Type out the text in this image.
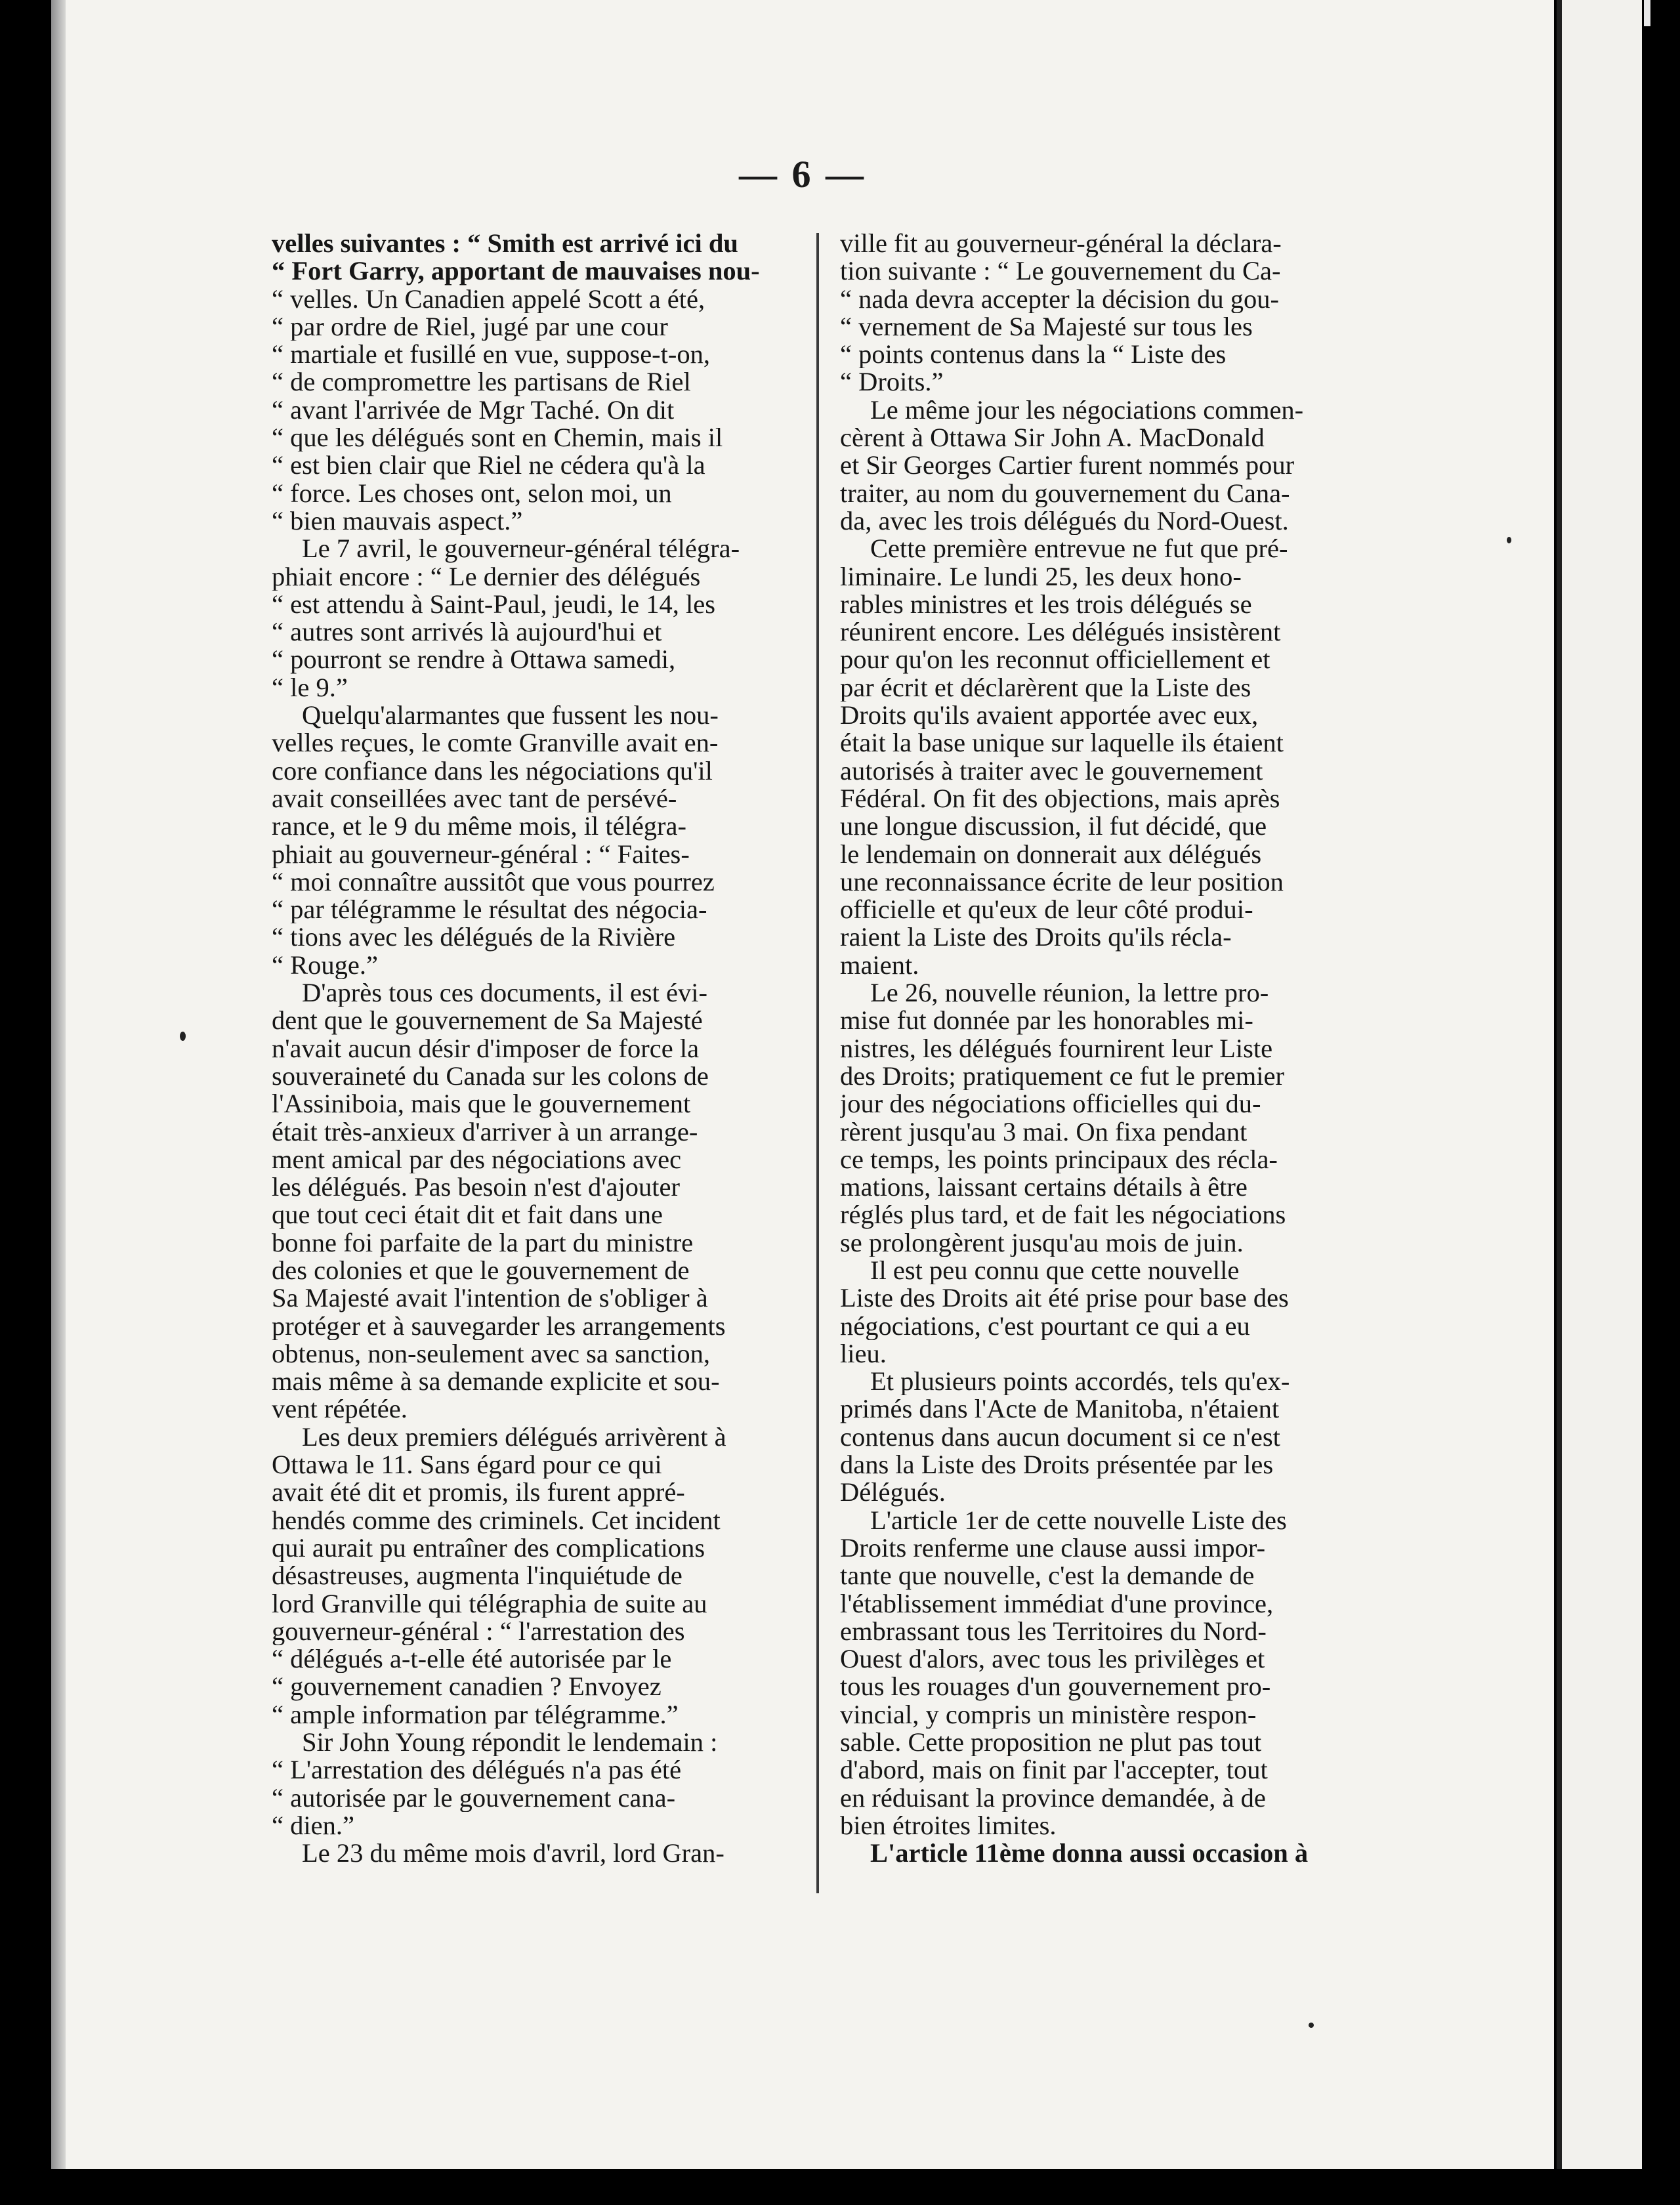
— 6 —
velles suivantes : “ Smith est arrivé ici du
“ Fort Garry, apportant de mauvaises nou-
“ velles. Un Canadien appelé Scott a été,
“ par ordre de Riel, jugé par une cour
“ martiale et fusillé en vue, suppose-t-on,
“ de compromettre les partisans de Riel
“ avant l'arrivée de Mgr Taché. On dit
“ que les délégués sont en Chemin, mais il
“ est bien clair que Riel ne cédera qu'à la
“ force. Les choses ont, selon moi, un
“ bien mauvais aspect.”
Le 7 avril, le gouverneur-général télégra-
phiait encore : “ Le dernier des délégués
“ est attendu à Saint-Paul, jeudi, le 14, les
“ autres sont arrivés là aujourd'hui et
“ pourront se rendre à Ottawa samedi,
“ le 9.”
Quelqu'alarmantes que fussent les nou-
velles reçues, le comte Granville avait en-
core confiance dans les négociations qu'il
avait conseillées avec tant de persévé-
rance, et le 9 du même mois, il télégra-
phiait au gouverneur-général : “ Faites-
“ moi connaître aussitôt que vous pourrez
“ par télégramme le résultat des négocia-
“ tions avec les délégués de la Rivière
“ Rouge.”
D'après tous ces documents, il est évi-
dent que le gouvernement de Sa Majesté
n'avait aucun désir d'imposer de force la
souveraineté du Canada sur les colons de
l'Assiniboia, mais que le gouvernement
était très-anxieux d'arriver à un arrange-
ment amical par des négociations avec
les délégués. Pas besoin n'est d'ajouter
que tout ceci était dit et fait dans une
bonne foi parfaite de la part du ministre
des colonies et que le gouvernement de
Sa Majesté avait l'intention de s'obliger à
protéger et à sauvegarder les arrangements
obtenus, non-seulement avec sa sanction,
mais même à sa demande explicite et sou-
vent répétée.
Les deux premiers délégués arrivèrent à
Ottawa le 11. Sans égard pour ce qui
avait été dit et promis, ils furent appré-
hendés comme des criminels. Cet incident
qui aurait pu entraîner des complications
désastreuses, augmenta l'inquiétude de
lord Granville qui télégraphia de suite au
gouverneur-général : “ l'arrestation des
“ délégués a-t-elle été autorisée par le
“ gouvernement canadien ? Envoyez
“ ample information par télégramme.”
Sir John Young répondit le lendemain :
“ L'arrestation des délégués n'a pas été
“ autorisée par le gouvernement cana-
“ dien.”
Le 23 du même mois d'avril, lord Gran-
ville fit au gouverneur-général la déclara-
tion suivante : “ Le gouvernement du Ca-
“ nada devra accepter la décision du gou-
“ vernement de Sa Majesté sur tous les
“ points contenus dans la “ Liste des
“ Droits.”
Le même jour les négociations commen-
cèrent à Ottawa Sir John A. MacDonald
et Sir Georges Cartier furent nommés pour
traiter, au nom du gouvernement du Cana-
da, avec les trois délégués du Nord-Ouest.
Cette première entrevue ne fut que pré-
liminaire. Le lundi 25, les deux hono-
rables ministres et les trois délégués se
réunirent encore. Les délégués insistèrent
pour qu'on les reconnut officiellement et
par écrit et déclarèrent que la Liste des
Droits qu'ils avaient apportée avec eux,
était la base unique sur laquelle ils étaient
autorisés à traiter avec le gouvernement
Fédéral. On fit des objections, mais après
une longue discussion, il fut décidé, que
le lendemain on donnerait aux délégués
une reconnaissance écrite de leur position
officielle et qu'eux de leur côté produi-
raient la Liste des Droits qu'ils récla-
maient.
Le 26, nouvelle réunion, la lettre pro-
mise fut donnée par les honorables mi-
nistres, les délégués fournirent leur Liste
des Droits; pratiquement ce fut le premier
jour des négociations officielles qui du-
rèrent jusqu'au 3 mai. On fixa pendant
ce temps, les points principaux des récla-
mations, laissant certains détails à être
réglés plus tard, et de fait les négociations
se prolongèrent jusqu'au mois de juin.
Il est peu connu que cette nouvelle
Liste des Droits ait été prise pour base des
négociations, c'est pourtant ce qui a eu
lieu.
Et plusieurs points accordés, tels qu'ex-
primés dans l'Acte de Manitoba, n'étaient
contenus dans aucun document si ce n'est
dans la Liste des Droits présentée par les
Délégués.
L'article 1er de cette nouvelle Liste des
Droits renferme une clause aussi impor-
tante que nouvelle, c'est la demande de
l'établissement immédiat d'une province,
embrassant tous les Territoires du Nord-
Ouest d'alors, avec tous les privilèges et
tous les rouages d'un gouvernement pro-
vincial, y compris un ministère respon-
sable. Cette proposition ne plut pas tout
d'abord, mais on finit par l'accepter, tout
en réduisant la province demandée, à de
bien étroites limites.
L'article 11ème donna aussi occasion à
